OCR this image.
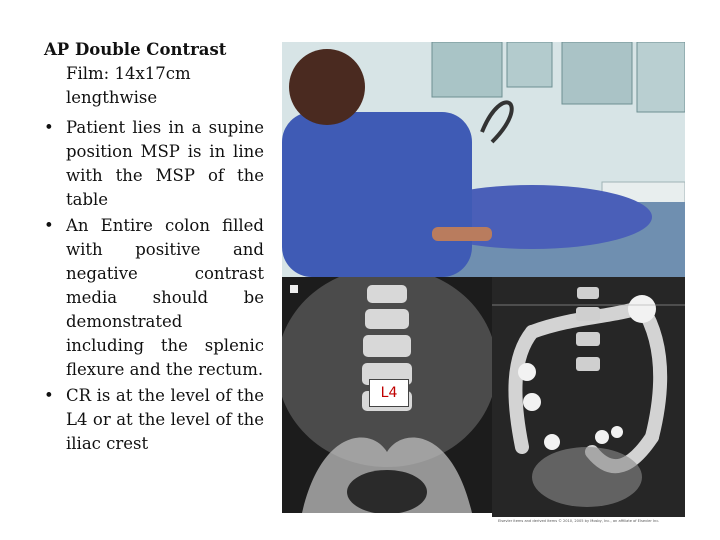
AP Double Contrast
Film: 14x17cm
lengthwise
• Patient lies in a supine position MSP is in line with the MSP of the table
• An Entire colon filled with positive and negative contrast media should be demonstrated including the splenic flexure and the rectum.
• CR is at the level of the L4 or at the level of the iliac crest
L4
Elsevier items and derived items © 2010, 2005 by Mosby, Inc., an affiliate of Elsevier Inc.
